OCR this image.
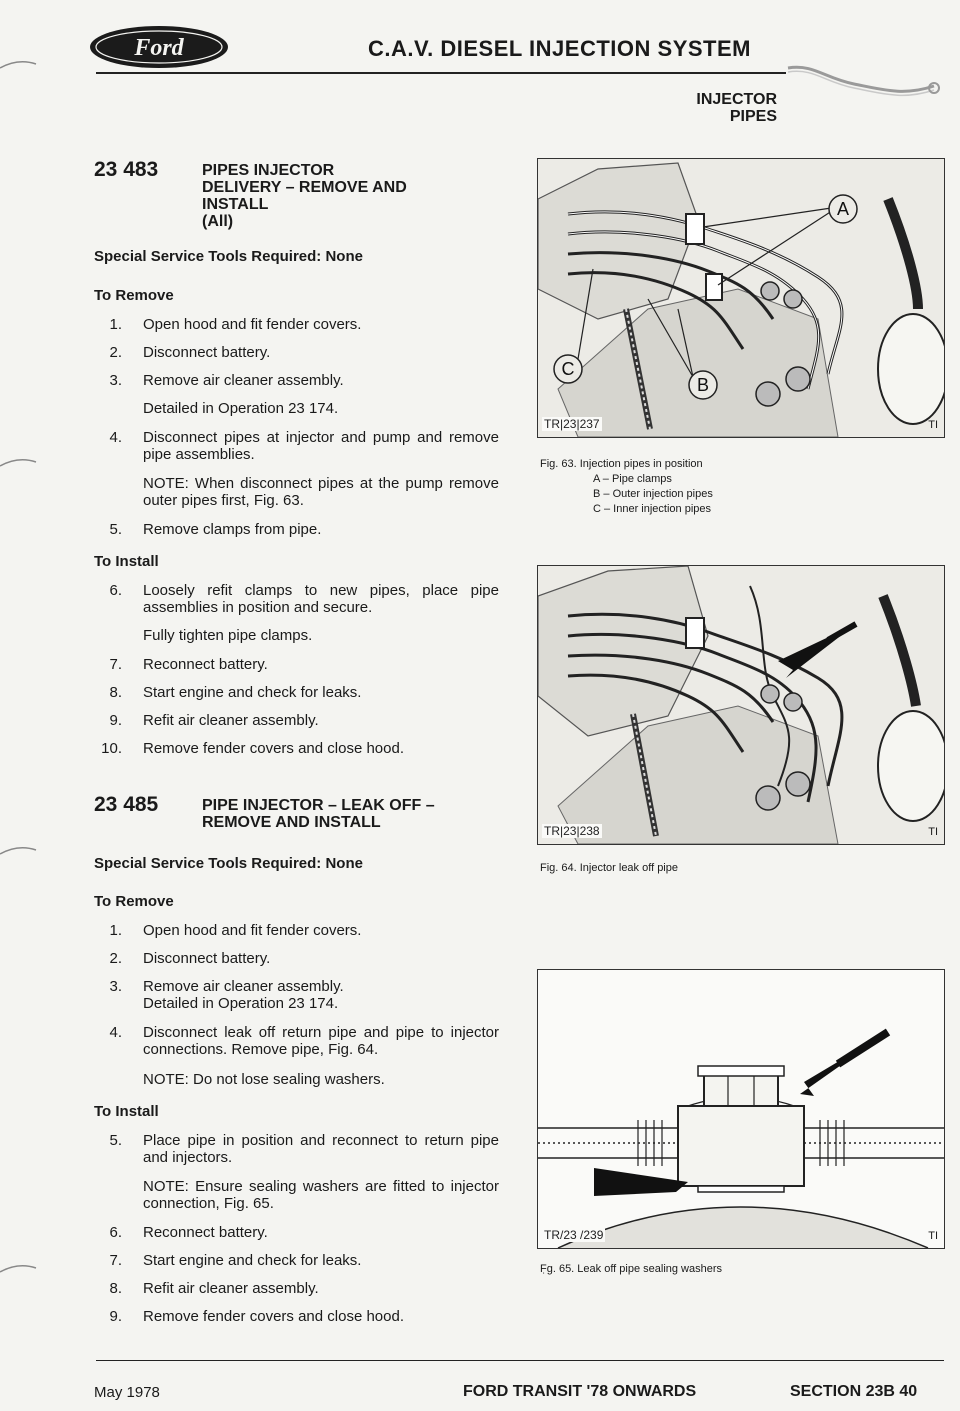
Ford	C.A.V. DIESEL INJECTION SYSTEM
INJECTOR
PIPES
23 483	PIPES INJECTOR
DELIVERY – REMOVE AND
INSTALL
(All)
Special Service Tools Required: None
To Remove
1. Open hood and fit fender covers.
2. Disconnect battery.
3. Remove air cleaner assembly.
Detailed in Operation 23 174.
4. Disconnect pipes at injector and pump and remove pipe assemblies.
NOTE: When disconnect pipes at the pump remove outer pipes first, Fig. 63.
5. Remove clamps from pipe.
To Install
6. Loosely refit clamps to new pipes, place pipe assemblies in position and secure.
Fully tighten pipe clamps.
7. Reconnect battery.
8. Start engine and check for leaks.
9. Refit air cleaner assembly.
10. Remove fender covers and close hood.
23 485	PIPE INJECTOR – LEAK OFF –
REMOVE AND INSTALL
Special Service Tools Required: None
To Remove
1. Open hood and fit fender covers.
2. Disconnect battery.
3. Remove air cleaner assembly. Detailed in Operation 23 174.
4. Disconnect leak off return pipe and pipe to injector connections. Remove pipe, Fig. 64.
NOTE: Do not lose sealing washers.
To Install
5. Place pipe in position and reconnect to return pipe and injectors.
NOTE: Ensure sealing washers are fitted to injector connection, Fig. 65.
6. Reconnect battery.
7. Start engine and check for leaks.
8. Refit air cleaner assembly.
9. Remove fender covers and close hood.
A
B
C
TR|23|237	TI
Fig. 63. Injection pipes in position
A – Pipe clamps
B – Outer injection pipes
C – Inner injection pipes
TR|23|238	TI
Fig. 64. Injector leak off pipe
TR/23 /239	TI
F̣g. 65. Leak off pipe sealing washers
May 1978	FORD TRANSIT '78 ONWARDS	SECTION 23B 40
